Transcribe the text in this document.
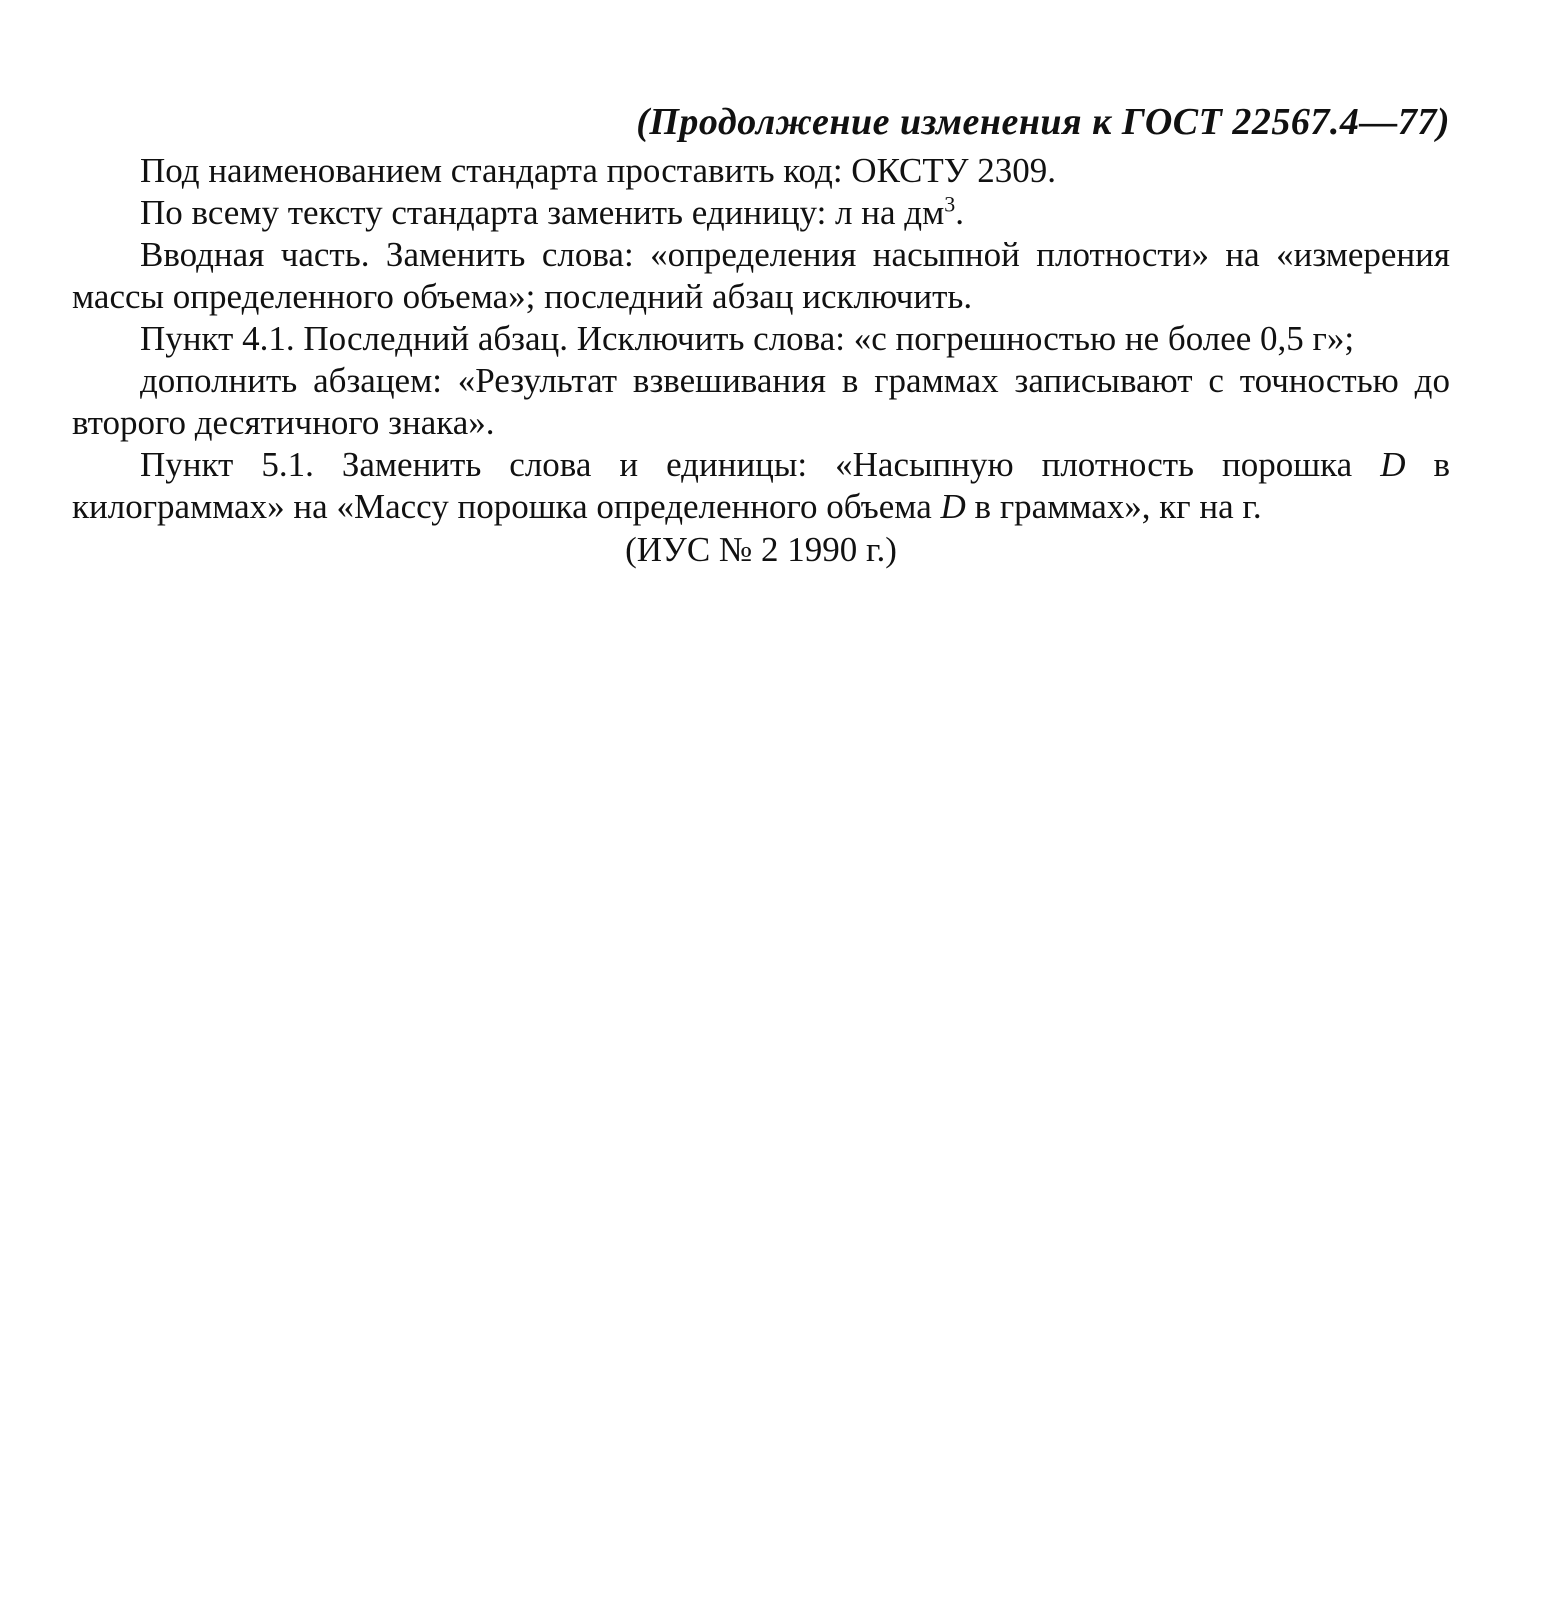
(Продолжение изменения к ГОСТ 22567.4—77)

Под наименованием стандарта проставить код: ОКСТУ 2309.

По всему тексту стандарта заменить единицу: л на $дм^3$.

Вводная часть. Заменить слова: «определения насыпной плотности» на «измерения массы определенного объема»; последний абзац исключить.

Пункт 4.1. Последний абзац. Исключить слова: «с погрешностью не более 0,5 г»;

дополнить абзацем: «Результат взвешивания в граммах записывают с точностью до второго десятичного знака».

Пункт 5.1. Заменить слова и единицы: «Насыпную плотность порошка D в килограммах» на «Массу порошка определенного объема D в граммах», кг на г.

(ИУС № 2 1990 г.)
